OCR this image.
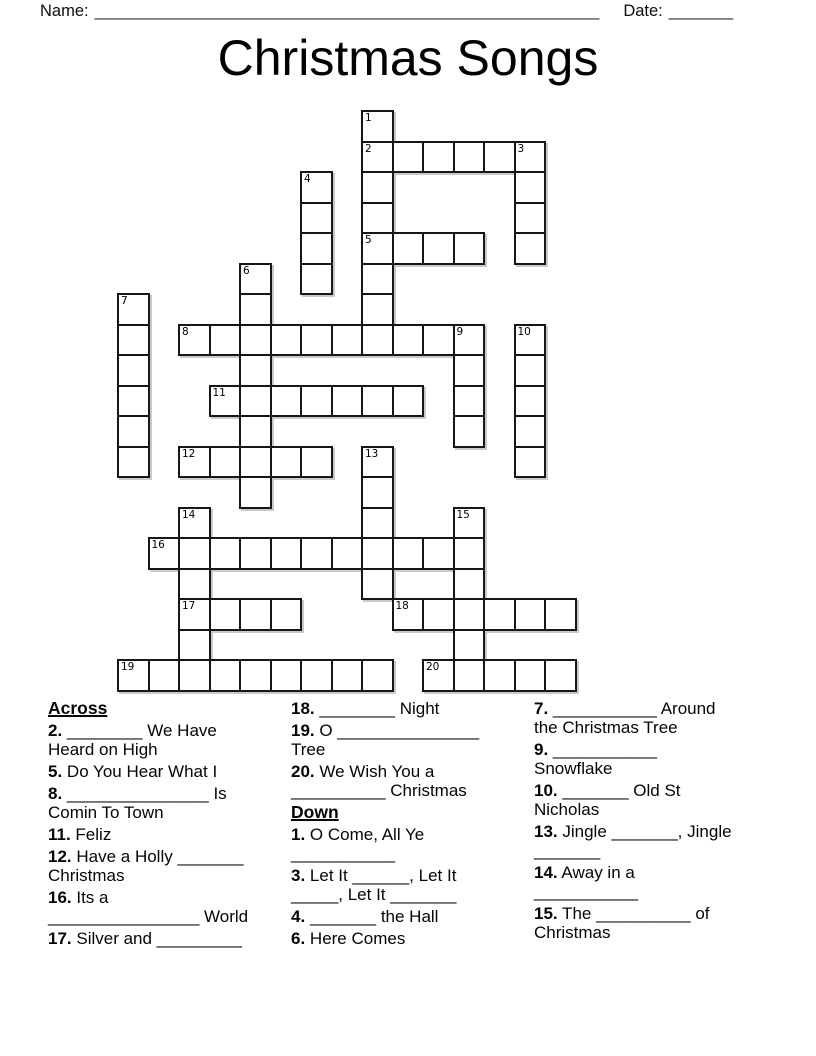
Name: _______________________________________________________ Date: _______
Christmas Songs
1
2	3
4
5
6
7
8	9	10
11
12	13
14	15
16
17	18
19	20
Across
2. ________ We Have
Heard on High
5. Do You Hear What I
8. _______________ Is
Comin To Town
11. Feliz
12. Have a Holly _______
Christmas
16. Its a
________________ World
17. Silver and _________
18. ________ Night
19. O _______________
Tree
20. We Wish You a
__________ Christmas
Down
1. O Come, All Ye
___________
3. Let It ______, Let It
_____, Let It _______
4. _______ the Hall
6. Here Comes
7. ___________ Around
the Christmas Tree
9. ___________
Snowflake
10. _______ Old St
Nicholas
13. Jingle _______, Jingle
_______
14. Away in a
___________
15. The __________ of
Christmas
